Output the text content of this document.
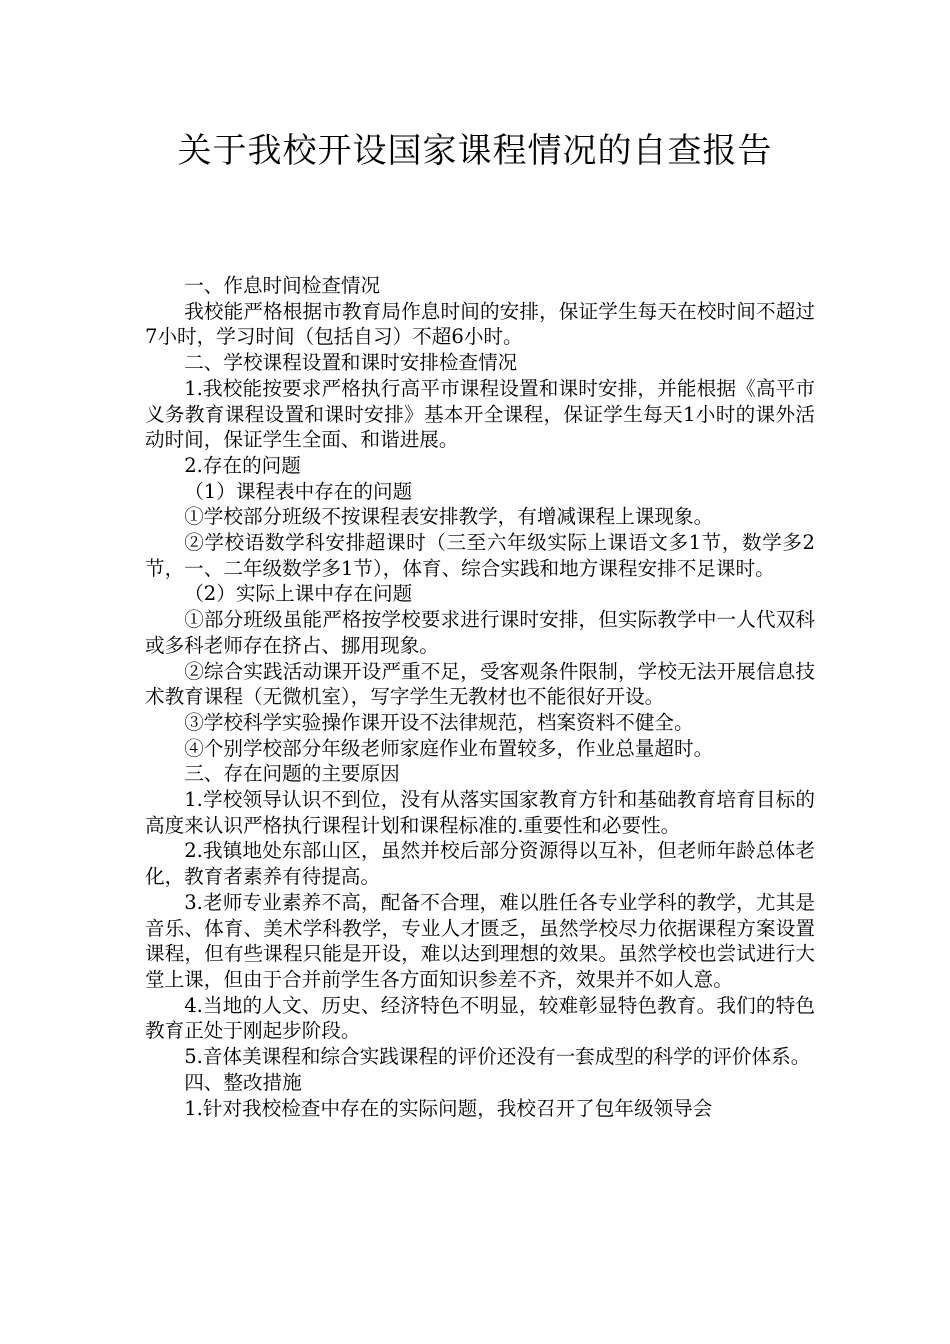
关于我校开设国家课程情况的自查报告

一、作息时间检查情况

我校能严格根据市教育局作息时间的安排，保证学生每天在校时间不超过7小时，学习时间（包括自习）不超6小时。

二、学校课程设置和课时安排检查情况

1.我校能按要求严格执行高平市课程设置和课时安排，并能根据《高平市义务教育课程设置和课时安排》基本开全课程，保证学生每天1小时的课外活动时间，保证学生全面、和谐进展。

2.存在的问题

（1）课程表中存在的问题

①学校部分班级不按课程表安排教学，有增减课程上课现象。

②学校语数学科安排超课时（三至六年级实际上课语文多1节，数学多2节，一、二年级数学多1节），体育、综合实践和地方课程安排不足课时。

（2）实际上课中存在问题

①部分班级虽能严格按学校要求进行课时安排，但实际教学中一人代双科或多科老师存在挤占、挪用现象。

②综合实践活动课开设严重不足，受客观条件限制，学校无法开展信息技术教育课程（无微机室），写字学生无教材也不能很好开设。

③学校科学实验操作课开设不法律规范，档案资料不健全。

④个别学校部分年级老师家庭作业布置较多，作业总量超时。

三、存在问题的主要原因

1.学校领导认识不到位，没有从落实国家教育方针和基础教育培育目标的高度来认识严格执行课程计划和课程标准的.重要性和必要性。

2.我镇地处东部山区，虽然并校后部分资源得以互补，但老师年龄总体老化，教育者素养有待提高。

3.老师专业素养不高，配备不合理，难以胜任各专业学科的教学，尤其是音乐、体育、美术学科教学，专业人才匮乏，虽然学校尽力依据课程方案设置课程，但有些课程只能是开设，难以达到理想的效果。虽然学校也尝试进行大堂上课，但由于合并前学生各方面知识参差不齐，效果并不如人意。

4.当地的人文、历史、经济特色不明显，较难彰显特色教育。我们的特色教育正处于刚起步阶段。

5.音体美课程和综合实践课程的评价还没有一套成型的科学的评价体系。

四、整改措施

1.针对我校检查中存在的实际问题，我校召开了包年级领导会
